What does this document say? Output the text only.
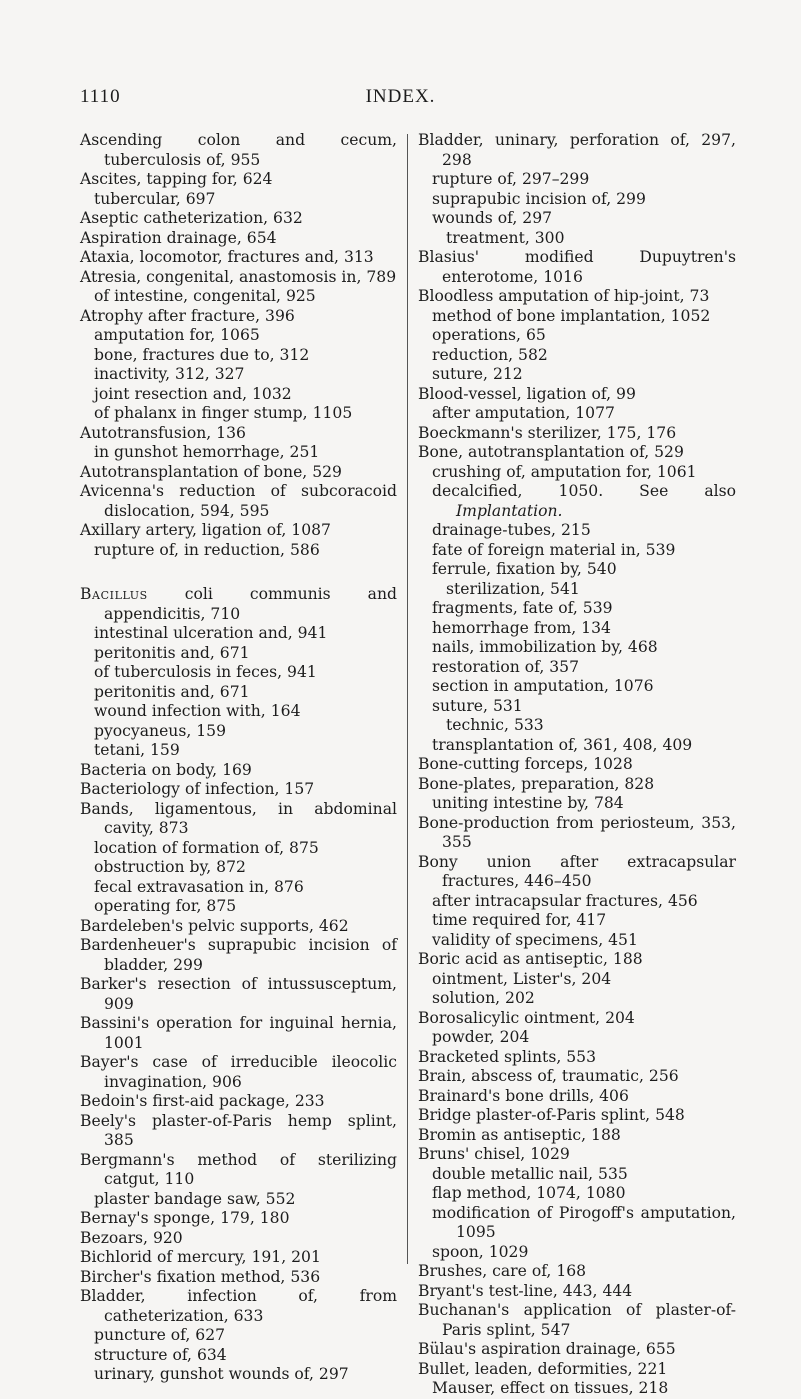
1110	INDEX.
Ascending colon and cecum, tuberculosis of, 955
Ascites, tapping for, 624
tubercular, 697
Aseptic catheterization, 632
Aspiration drainage, 654
Ataxia, locomotor, fractures and, 313
Atresia, congenital, anastomosis in, 789
of intestine, congenital, 925
Atrophy after fracture, 396
amputation for, 1065
bone, fractures due to, 312
inactivity, 312, 327
joint resection and, 1032
of phalanx in finger stump, 1105
Autotransfusion, 136
in gunshot hemorrhage, 251
Autotransplantation of bone, 529
Avicenna's reduction of subcoracoid dislocation, 594, 595
Axillary artery, ligation of, 1087
rupture of, in reduction, 586
Bacillus coli communis and appendicitis, 710
intestinal ulceration and, 941
peritonitis and, 671
of tuberculosis in feces, 941
peritonitis and, 671
wound infection with, 164
pyocyaneus, 159
tetani, 159
Bacteria on body, 169
Bacteriology of infection, 157
Bands, ligamentous, in abdominal cavity, 873
location of formation of, 875
obstruction by, 872
fecal extravasation in, 876
operating for, 875
Bardeleben's pelvic supports, 462
Bardenheuer's suprapubic incision of bladder, 299
Barker's resection of intussusceptum, 909
Bassini's operation for inguinal hernia, 1001
Bayer's case of irreducible ileocolic invagination, 906
Bedoin's first-aid package, 233
Beely's plaster-of-Paris hemp splint, 385
Bergmann's method of sterilizing catgut, 110
plaster bandage saw, 552
Bernay's sponge, 179, 180
Bezoars, 920
Bichlorid of mercury, 191, 201
Bircher's fixation method, 536
Bladder, infection of, from catheterization, 633
puncture of, 627
structure of, 634
urinary, gunshot wounds of, 297
Bladder, uninary, perforation of, 297, 298
rupture of, 297–299
suprapubic incision of, 299
wounds of, 297
treatment, 300
Blasius' modified Dupuytren's enterotome, 1016
Bloodless amputation of hip-joint, 73
method of bone implantation, 1052
operations, 65
reduction, 582
suture, 212
Blood-vessel, ligation of, 99
after amputation, 1077
Boeckmann's sterilizer, 175, 176
Bone, autotransplantation of, 529
crushing of, amputation for, 1061
decalcified, 1050. See also Implantation.
drainage-tubes, 215
fate of foreign material in, 539
ferrule, fixation by, 540
sterilization, 541
fragments, fate of, 539
hemorrhage from, 134
nails, immobilization by, 468
restoration of, 357
section in amputation, 1076
suture, 531
technic, 533
transplantation of, 361, 408, 409
Bone-cutting forceps, 1028
Bone-plates, preparation, 828
uniting intestine by, 784
Bone-production from periosteum, 353, 355
Bony union after extracapsular fractures, 446–450
after intracapsular fractures, 456
time required for, 417
validity of specimens, 451
Boric acid as antiseptic, 188
ointment, Lister's, 204
solution, 202
Borosalicylic ointment, 204
powder, 204
Bracketed splints, 553
Brain, abscess of, traumatic, 256
Brainard's bone drills, 406
Bridge plaster-of-Paris splint, 548
Bromin as antiseptic, 188
Bruns' chisel, 1029
double metallic nail, 535
flap method, 1074, 1080
modification of Pirogoff's amputation, 1095
spoon, 1029
Brushes, care of, 168
Bryant's test-line, 443, 444
Buchanan's application of plaster-of-Paris splint, 547
Bülau's aspiration drainage, 655
Bullet, leaden, deformities, 221
Mauser, effect on tissues, 218
